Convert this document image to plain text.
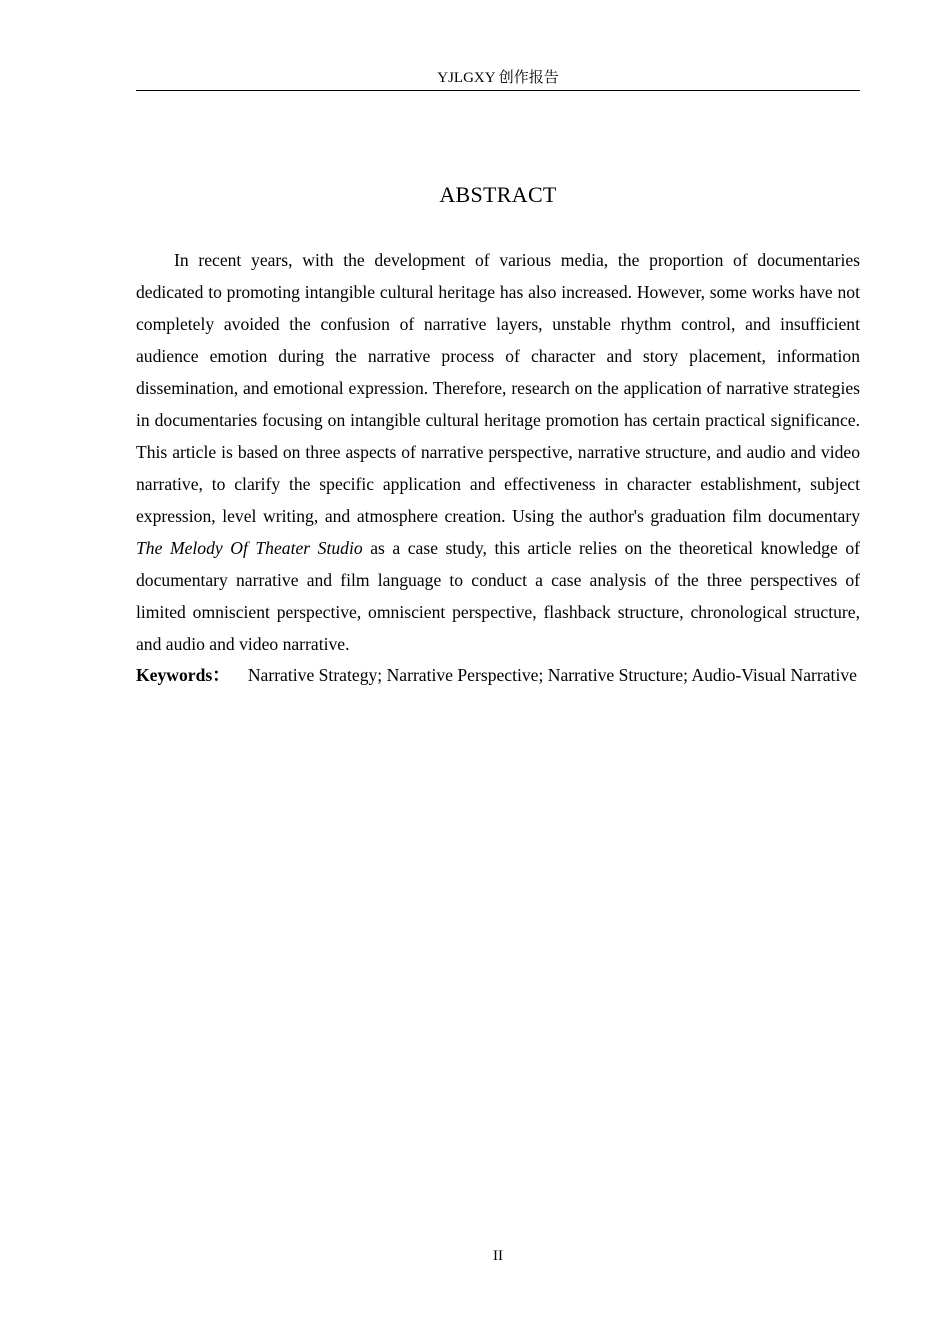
YJLGXY 创作报告
ABSTRACT

In recent years, with the development of various media, the proportion of documentaries dedicated to promoting intangible cultural heritage has also increased. However, some works have not completely avoided the confusion of narrative layers, unstable rhythm control, and insufficient audience emotion during the narrative process of character and story placement, information dissemination, and emotional expression. Therefore, research on the application of narrative strategies in documentaries focusing on intangible cultural heritage promotion has certain practical significance. This article is based on three aspects of narrative perspective, narrative structure, and audio and video narrative, to clarify the specific application and effectiveness in character establishment, subject expression, level writing, and atmosphere creation. Using the author's graduation film documentary The Melody Of Theater Studio as a case study, this article relies on the theoretical knowledge of documentary narrative and film language to conduct a case analysis of the three perspectives of limited omniscient perspective, omniscient perspective, flashback structure, chronological structure, and audio and video narrative.

Keywords： Narrative Strategy; Narrative Perspective; Narrative Structure; Audio-Visual Narrative

II
